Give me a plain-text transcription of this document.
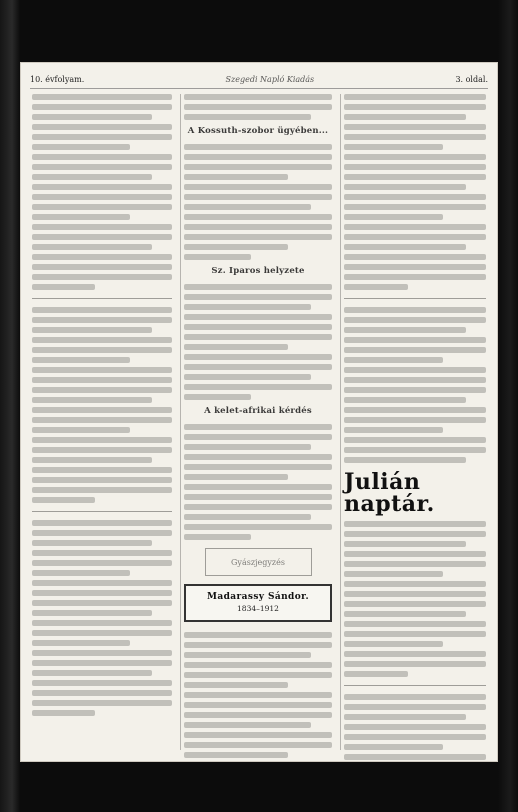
10. évfolyam.	Szegedi Napló Kiadás	3. oldal.
A Kossuth-szobor ügyében...
Sz. Iparos helyzete
A kelet-afrikai kérdés
Gyászjegyzés
Madarassy Sándor.
1834–1912
Julián naptár.
